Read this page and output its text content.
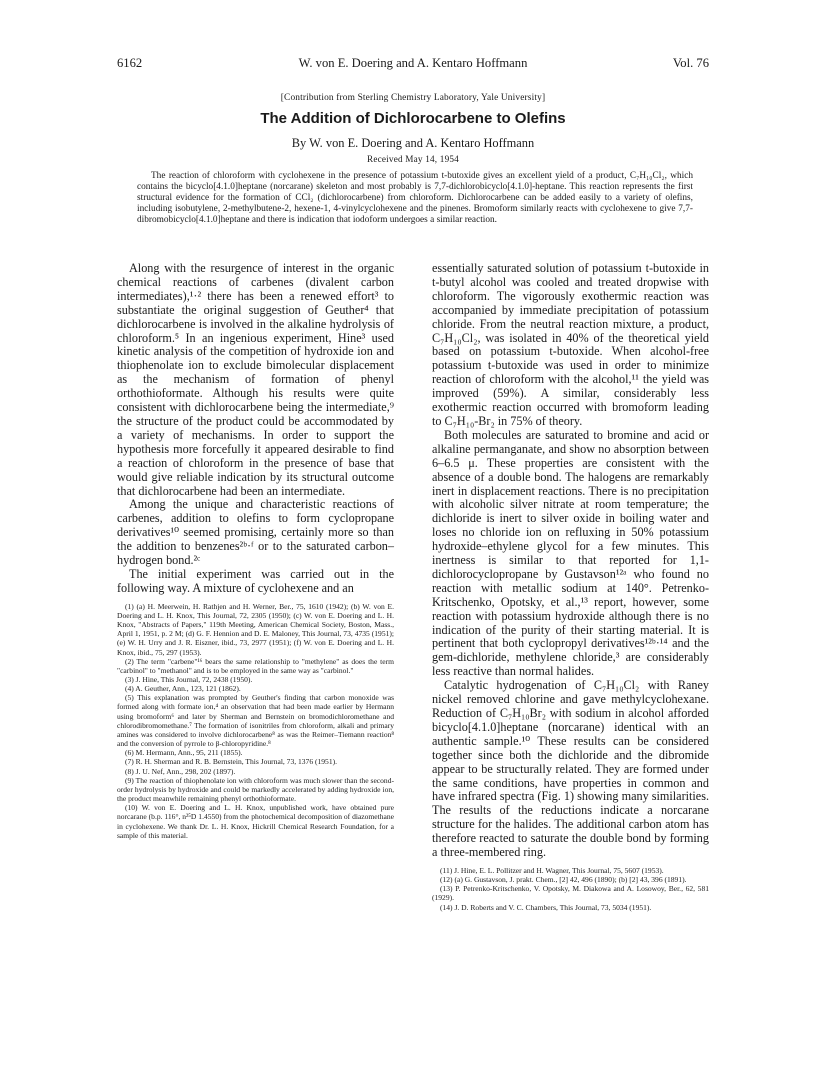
6162	W. von E. Doering and A. Kentaro Hoffmann	Vol. 76
[Contribution from Sterling Chemistry Laboratory, Yale University]
The Addition of Dichlorocarbene to Olefins
By W. von E. Doering and A. Kentaro Hoffmann
Received May 14, 1954
The reaction of chloroform with cyclohexene in the presence of potassium t-butoxide gives an excellent yield of a product, C₇H₁₀Cl₂, which contains the bicyclo[4.1.0]heptane (norcarane) skeleton and most probably is 7,7-dichlorobicyclo[4.1.0]-heptane. This reaction represents the first structural evidence for the formation of CCl₂ (dichlorocarbene) from chloroform. Dichlorocarbene can be added easily to a variety of olefins, including isobutylene, 2-methylbutene-2, hexene-1, 4-vinylcyclohexene and the pinenes. Bromoform similarly reacts with cyclohexene to give 7,7-dibromobicyclo[4.1.0]heptane and there is indication that iodoform undergoes a similar reaction.

Along with the resurgence of interest in the organic chemical reactions of carbenes (divalent carbon intermediates),¹·² there has been a renewed effort³ to substantiate the original suggestion of Geuther⁴ that dichlorocarbene is involved in the alkaline hydrolysis of chloroform.⁵ In an ingenious experiment, Hine³ used kinetic analysis of the competition of hydroxide ion and thiophenolate ion to exclude bimolecular displacement as the mechanism of formation of phenyl orthothioformate. Although his results were quite consistent with dichlorocarbene being the intermediate,⁹ the structure of the product could be accommodated by a variety of mechanisms. In order to support the hypothesis more forcefully it appeared desirable to find a reaction of chloroform in the presence of base that would give reliable indication by its structural outcome that dichlorocarbene had been an intermediate.

Among the unique and characteristic reactions of carbenes, addition to olefins to form cyclopropane derivatives¹⁰ seemed promising, certainly more so than the addition to benzenes²ᵇ·ᶠ or to the saturated carbon–hydrogen bond.²ᶜ

The initial experiment was carried out in the following way. A mixture of cyclohexene and an

(1) (a) H. Meerwein, H. Rathjen and H. Werner, Ber., 75, 1610 (1942); (b) W. von E. Doering and L. H. Knox, This Journal, 72, 2305 (1950); (c) W. von E. Doering and L. H. Knox, "Abstracts of Papers," 119th Meeting, American Chemical Society, Boston, Mass., April 1, 1951, p. 2 M; (d) G. F. Hennion and D. E. Maloney, This Journal, 73, 4735 (1951); (e) W. H. Urry and J. R. Eiszner, ibid., 73, 2977 (1951); (f) W. von E. Doering and L. H. Knox, ibid., 75, 297 (1953).

(2) The term "carbene"¹⁶ bears the same relationship to "methylene" as does the term "carbinol" to "methanol" and is to be employed in the same way as "carbinol."

(3) J. Hine, This Journal, 72, 2438 (1950).

(4) A. Geuther, Ann., 123, 121 (1862).

(5) This explanation was prompted by Geuther's finding that carbon monoxide was formed along with formate ion,⁴ an observation that had been made earlier by Hermann using bromoform⁶ and later by Sherman and Bernstein on bromodichloromethane and chlorodibromomethane.⁷ The formation of isonitriles from chloroform, alkali and primary amines was considered to involve dichlorocarbene⁸ as was the Reimer–Tiemann reaction⁸ and the conversion of pyrrole to β-chloropyridine.⁸

(6) M. Hermann, Ann., 95, 211 (1855).

(7) R. H. Sherman and R. B. Bernstein, This Journal, 73, 1376 (1951).

(8) J. U. Nef, Ann., 298, 202 (1897).

(9) The reaction of thiophenolate ion with chloroform was much slower than the second-order hydrolysis by hydroxide and could be markedly accelerated by adding hydroxide ion, the product meanwhile remaining phenyl orthothioformate.

(10) W. von E. Doering and L. H. Knox, unpublished work, have obtained pure norcarane (b.p. 116°, n²⁵D 1.4550) from the photochemical decomposition of diazomethane in cyclohexene. We thank Dr. L. H. Knox, Hickrill Chemical Research Foundation, for a sample of this material.

essentially saturated solution of potassium t-butoxide in t-butyl alcohol was cooled and treated dropwise with chloroform. The vigorously exothermic reaction was accompanied by immediate precipitation of potassium chloride. From the neutral reaction mixture, a product, C₇H₁₀Cl₂, was isolated in 40% of the theoretical yield based on potassium t-butoxide. When alcohol-free potassium t-butoxide was used in order to minimize reaction of chloroform with the alcohol,¹¹ the yield was improved (59%). A similar, considerably less exothermic reaction occurred with bromoform leading to C₇H₁₀-Br₂ in 75% of theory.

Both molecules are saturated to bromine and acid or alkaline permanganate, and show no absorption between 6–6.5 μ. These properties are consistent with the absence of a double bond. The halogens are remarkably inert in displacement reactions. There is no precipitation with alcoholic silver nitrate at room temperature; the dichloride is inert to silver oxide in boiling water and loses no chloride ion on refluxing in 50% potassium hydroxide–ethylene glycol for a few minutes. This inertness is similar to that reported for 1,1-dichlorocyclopropane by Gustavson¹²ᵃ who found no reaction with metallic sodium at 140°. Petrenko-Kritschenko, Opotsky, et al.,¹³ report, however, some reaction with potassium hydroxide although there is no indication of the purity of their starting material. It is pertinent that both cyclopropyl derivatives¹²ᵇ·¹⁴ and the gem-dichloride, methylene chloride,³ are considerably less reactive than normal halides.

Catalytic hydrogenation of C₇H₁₀Cl₂ with Raney nickel removed chlorine and gave methylcyclohexane. Reduction of C₇H₁₀Br₂ with sodium in alcohol afforded bicyclo[4.1.0]heptane (norcarane) identical with an authentic sample.¹⁰ These results can be considered together since both the dichloride and the dibromide appear to be structurally related. They are formed under the same conditions, have properties in common and have infrared spectra (Fig. 1) showing many similarities. The results of the reductions indicate a norcarane structure for the halides. The additional carbon atom has therefore reacted to saturate the double bond by forming a three-membered ring.

(11) J. Hine, E. L. Pollitzer and H. Wagner, This Journal, 75, 5607 (1953).

(12) (a) G. Gustavson, J. prakt. Chem., [2] 42, 496 (1890); (b) [2] 43, 396 (1891).

(13) P. Petrenko-Kritschenko, V. Opotsky, M. Diakowa and A. Losowoy, Ber., 62, 581 (1929).

(14) J. D. Roberts and V. C. Chambers, This Journal, 73, 5034 (1951).
